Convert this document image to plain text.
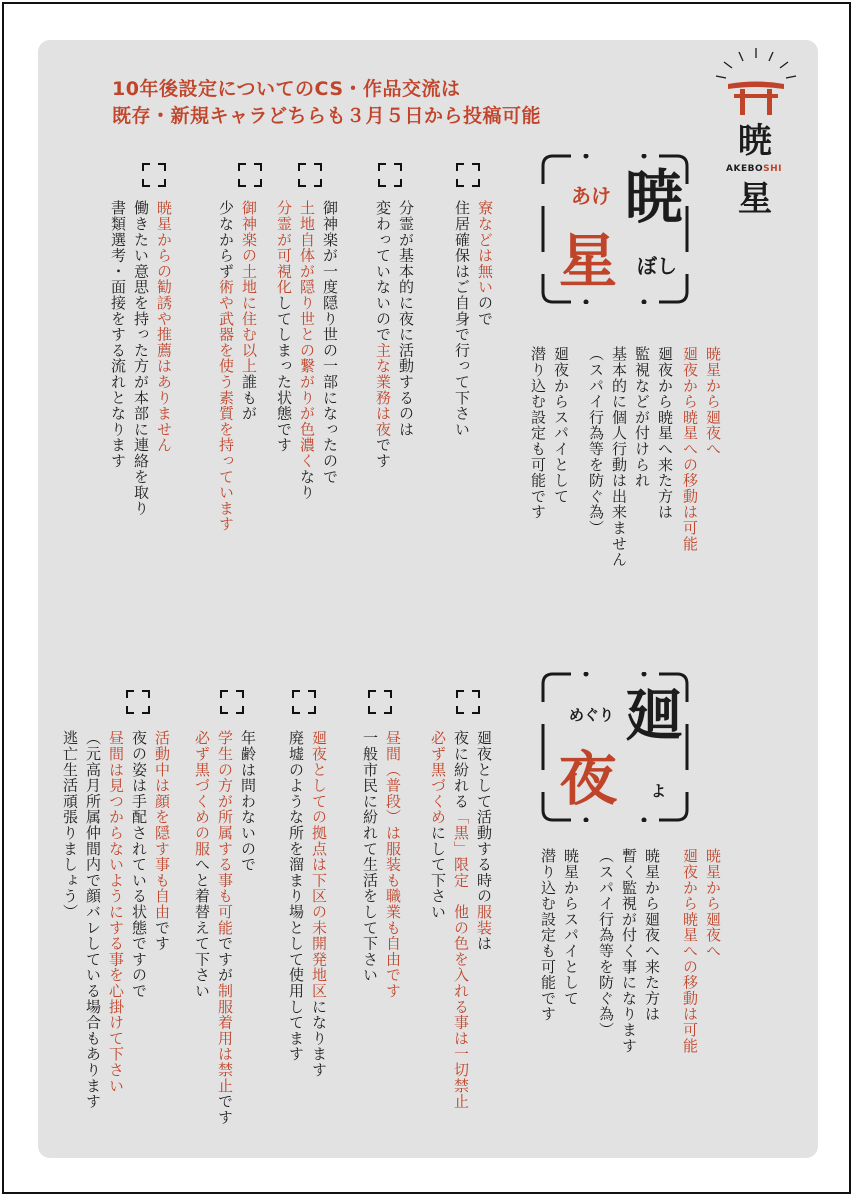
10年後設定についてのCS・作品交流は
既存・新規キャラどちらも３月５日から投稿可能
暁
AKEBOSHI
星
暁
あけ
星 ぼし
廻
めぐり
夜 よ
暁星から廻夜へ
廻夜から暁星への移動は可能
廻夜から暁星へ来た方は
監視などが付けられ
基本的に個人行動は出来ません
（スパイ行為等を防ぐ為）
廻夜からスパイとして
潜り込む設定も可能です
暁星から廻夜へ
廻夜から暁星への移動は可能
暁星から廻夜へ来た方は
暫く監視が付く事になります
（スパイ行為等を防ぐ為）
暁星からスパイとして
潜り込む設定も可能です
寮などは無いので
住居確保はご自身で行って下さい
分霊が基本的に夜に活動するのは
変わっていないので主な業務は夜です
御神楽が一度隠り世の一部になったので
土地自体が隠り世との繋がりが色濃くなり
分霊が可視化してしまった状態です
御神楽の土地に住む以上誰もが
少なからず術や武器を使う素質を持っています
暁星からの勧誘や推薦はありません
働きたい意思を持った方が本部に連絡を取り
書類選考・面接をする流れとなります
廻夜として活動する時の服装は
夜に紛れる「黒」限定　他の色を入れる事は一切禁止
必ず黒づくめにして下さい
昼間（普段）は服装も職業も自由です
一般市民に紛れて生活をして下さい
廻夜としての拠点は下区の未開発地区になります
廃墟のような所を溜まり場として使用してます
年齢は問わないので
学生の方が所属する事も可能ですが制服着用は禁止です
必ず黒づくめの服へと着替えて下さい
活動中は顔を隠す事も自由です
夜の姿は手配されている状態ですので
昼間は見つからないようにする事を心掛けて下さい
（元高月所属仲間内で顔バレしている場合もあります
逃亡生活頑張りましょう）
